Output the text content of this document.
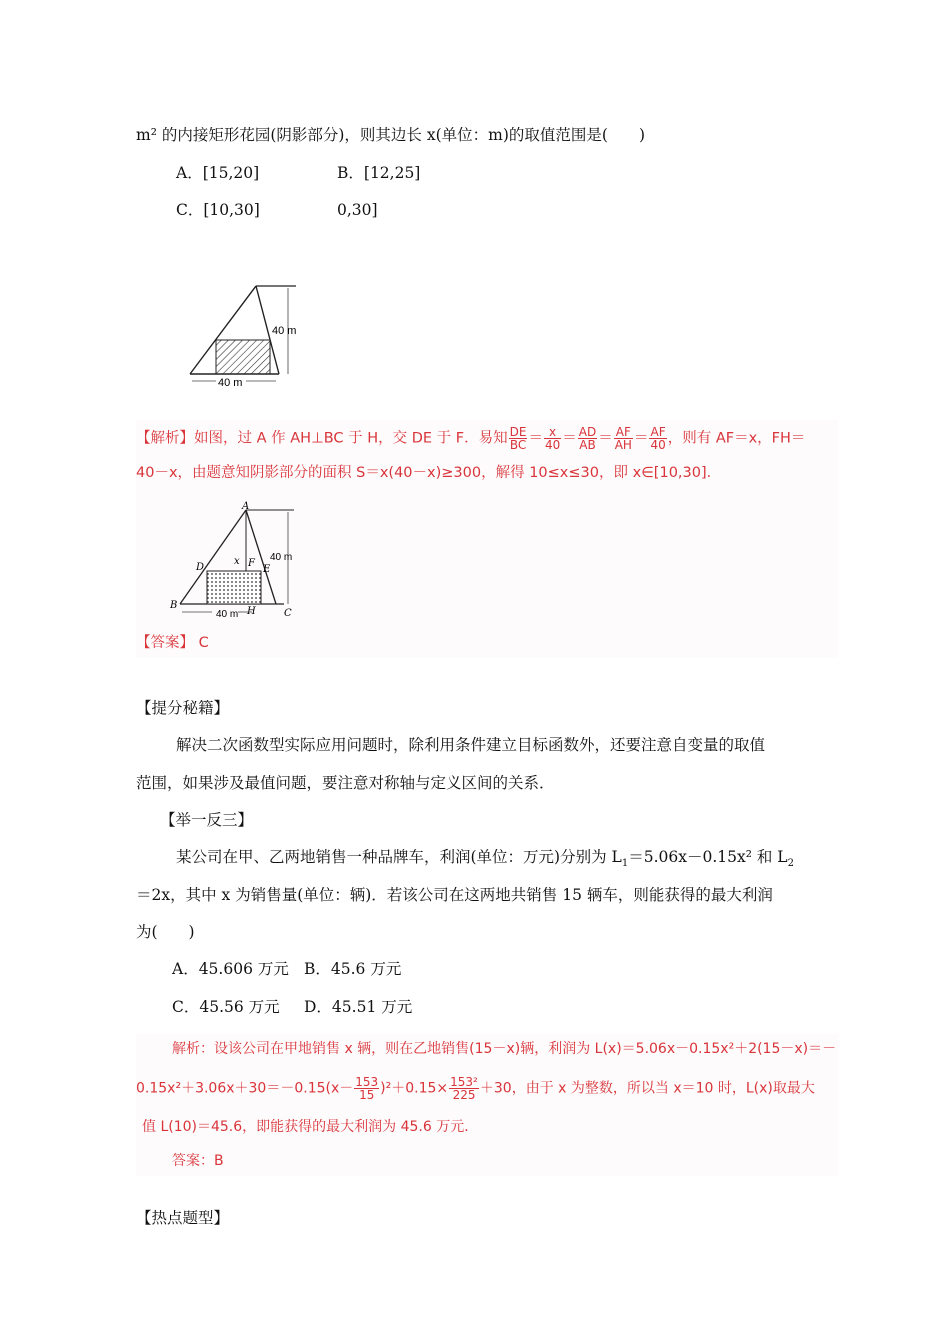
m² 的内接矩形花园(阴影部分)，则其边长 x(单位：m)的取值范围是(　　)
A．[15,20]	B．[12,25]
C．[10,30]	0,30]
40 m
40 m
【解析】如图，过 A 作 AH⊥BC 于 H，交 DE 于 F．易知 $\frac{DE}{BC} = \frac{x}{40} = \frac{AD}{AB} = \frac{AF}{AH} = \frac{AF}{40}$ ，则有 AF＝x，FH＝
40－x，由题意知阴影部分的面积 S＝x(40－x)≥300，解得 10≤x≤30，即 x∈[10,30]．
A
B
C
D	E
F
H
x	40 m
40 m
【答案】 C
【提分秘籍】
解决二次函数型实际应用问题时，除利用条件建立目标函数外，还要注意自变量的取值
范围，如果涉及最值问题，要注意对称轴与定义区间的关系．
【举一反三】
某公司在甲、乙两地销售一种品牌车，利润(单位：万元)分别为 $L_1=5.06x-0.15x^2$ 和 $L_2$
＝2x，其中 x 为销售量(单位：辆)．若该公司在这两地共销售 15 辆车，则能获得的最大利润
为(　　)
A．45.606 万元 B．45.6 万元
C．45.56 万元 D．45.51 万元
解析：设该公司在甲地销售 x 辆，则在乙地销售(15－x)辆，利润为 L(x)＝5.06x－0.15x²＋2(15－x)＝－
$0.15x^2+3.06x+30=-0.15(x- \frac{153}{15} )^2+0.15\times \frac{\text{153²}}{225} +30$，由于 x 为整数，所以当 x＝10 时，L(x)取最大
值 L(10)＝45.6，即能获得的最大利润为 45.6 万元．
答案：B
【热点题型】
